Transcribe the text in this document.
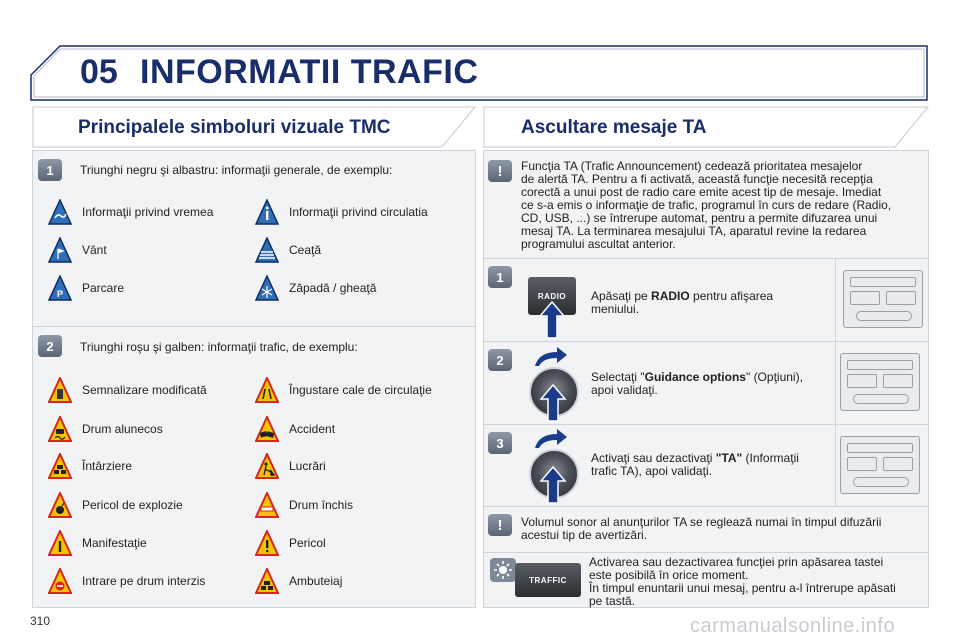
05 INFORMATII TRAFIC
Principalele simboluri vizuale TMC	Ascultare mesaje TA
1	Triunghi negru şi albastru: informaţii generale, de exemplu:
Informaţii privind vremea	Informaţii privind circulatia
Vânt	Ceaţă
P Parcare	Zăpadă / gheaţă
2	Triunghi roşu şi galben: informaţii trafic, de exemplu:
Semnalizare modificată	Îngustare cale de circulaţie
Drum alunecos	Accident
Întârziere	Lucrări
Pericol de explozie	Drum închis
Manifestaţie	Pericol
Intrare pe drum interzis	Ambuteiaj
!	Funcţia TA (Trafic Announcement) cedează prioritatea mesajelor
de alertă TA. Pentru a fi activată, această funcţie necesită recepţia
corectă a unui post de radio care emite acest tip de mesaje. Imediat
ce s-a emis o informaţie de trafic, programul în curs de redare (Radio,
CD, USB, ...) se întrerupe automat, pentru a permite difuzarea unui
mesaj TA. La terminarea mesajului TA, aparatul revine la redarea
programului ascultat anterior.
1
RADIO	Apăsaţi pe RADIO pentru afişarea
meniului.
2
Selectaţi "Guidance options" (Opţiuni),
apoi validaţi.
3
Activaţi sau dezactivaţi "TA" (Informaţii
trafic TA), apoi validaţi.
!	Volumul sonor al anunţurilor TA se reglează numai în timpul difuzării
acestui tip de avertizări.
TRAFFIC
Activarea sau dezactivarea funcţiei prin apăsarea tastei
este posibilă în orice moment.
În timpul enuntarii unui mesaj, pentru a-l întrerupe apăsati
pe tastă.
310	carmanualsonline.info
